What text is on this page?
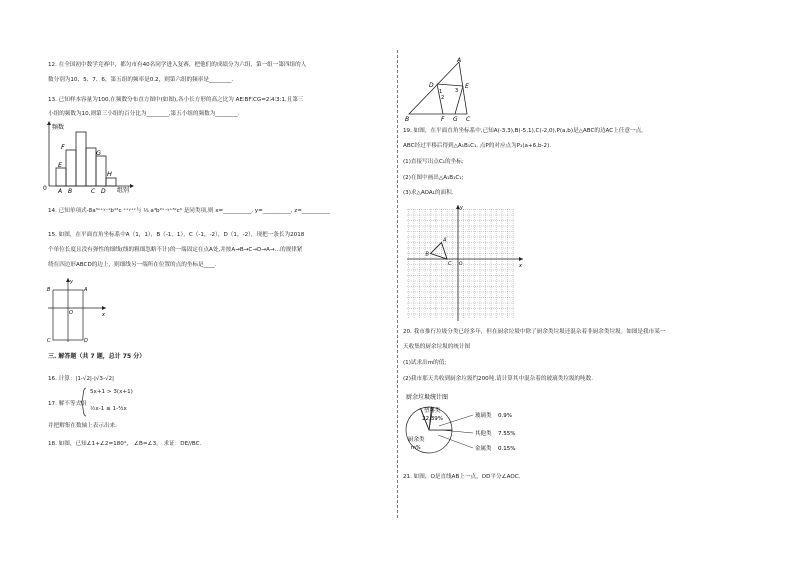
12. 在全国初中数学竞赛中，都匀市有40名同学进入复赛，把他们的成绩分为六组，第一组一第四组的人
数分别为10、5、7、6，第五组的频率是0.2，则第六组的频率是________.
13. 已知样本容量为100,在频数分布直方图中(如图),各小长方形的高之比为 AE∶BF∶CG=2∶4∶3:1,且第三
小组的频数为10,则第三小组的百分比为________,第五小组的频数为________.
频数
0	组别
E
F
G
H
A B	C D
14. 已知单项式-8a³ˣ⁺ʸ⁻ᶻb¹²c ˣ⁺ʸ⁺ᶻ与 ⅓ a⁴b²ˣ⁻ʸ⁺³ᶻc⁶ 是同类项,则 x=__________, y=__________, z=__________
15. 如图，在平面直角坐标系中A（1，1），B（-1，1），C（-1，-2），D（1，-2），现把一条长为2018
个单位长度且没有弹性的细线(线的粗细忽略不计)的一端固定在点A处,并按A→B→C→D→A→…的规律紧
绕在四边形ABCD的边上，则细线另一端所在位置的点的坐标是____.
y
x
B	A
O
C	D
三. 解答题（共 7 题，总计 75 分）
16. 计算：|1-√2|-|√3-√2|
17. 解不等式组
5x+1 > 3(x+1)
½x-1 ≤ 1-³⁄₂x
并把解集在数轴上表示出来.
18. 如图，已知∠1+∠2=180°， ∠B=∠3， 求证：DE//BC.
A
D	E
B	F G C
1
2
3
19. 如图，在平面直角坐标系中,已知A(-3,3),B(-5,1),C(-2,0),P(a,b)是△ABC的边AC上任意一点,
ABC经过平移后得到△A₁B₁C₁, 点P的对应点为P₁(a+6,b-2).
(1)直接写出点C₁的坐标;
(2)在图中画出△A₁B₁C₁;
(3)求△AOA₁的面积.
x
y
A
B
C O
20. 我市推行垃圾分类已经多年，但在厨余垃圾中除了厨余类垃圾还混杂着非厨余类垃圾。如图是我市某一
天收集的厨余垃圾的统计图
(1)试求出m的值;
(2)我市那天共收到厨余垃圾约200吨,请计算其中混杂着的玻璃类垃圾的吨数.
厨余垃圾统计图
塑料类
22.39%	玻璃类 0.9%
其他类 7.55%
金属类 0.15%
厨余类
m%
21. 如图，O是直线AB上一点，OD平分∠AOC.
